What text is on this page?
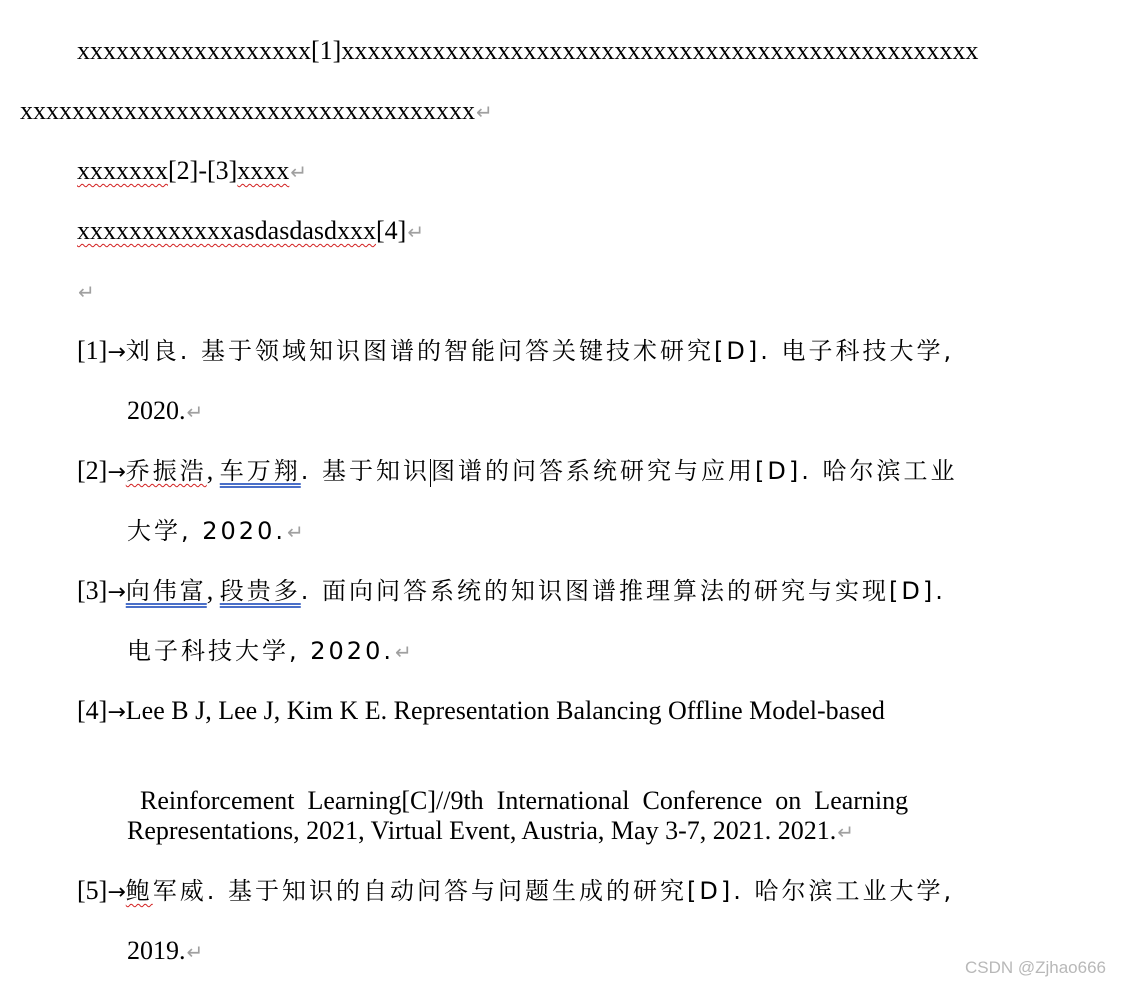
xxxxxxxxxxxxxxxxxx[1]xxxxxxxxxxxxxxxxxxxxxxxxxxxxxxxxxxxxxxxxxxxxxxxxx
xxxxxxxxxxxxxxxxxxxxxxxxxxxxxxxxxxx↵
xxxxxxx[2]-[3]xxxx↵
xxxxxxxxxxxxasdasdasdxxx[4]↵
↵
[1]→刘良. 基于领域知识图谱的智能问答关键技术研究[D]. 电子科技大学,
2020.↵
[2]→乔振浩, 车万翔. 基于知识图谱的问答系统研究与应用[D]. 哈尔滨工业
大学, 2020.↵
[3]→向伟富, 段贵多. 面向问答系统的知识图谱推理算法的研究与实现[D].
电子科技大学, 2020.↵
[4]→Lee B J, Lee J, Kim K E. Representation Balancing Offline Model-based

Reinforcement  Learning[C]//9th  International  Conference  on  Learning

Representations, 2021, Virtual Event, Austria, May 3-7, 2021. 2021.↵
[5]→鲍军威. 基于知识的自动问答与问题生成的研究[D]. 哈尔滨工业大学,
2019.↵
CSDN @Zjhao666
